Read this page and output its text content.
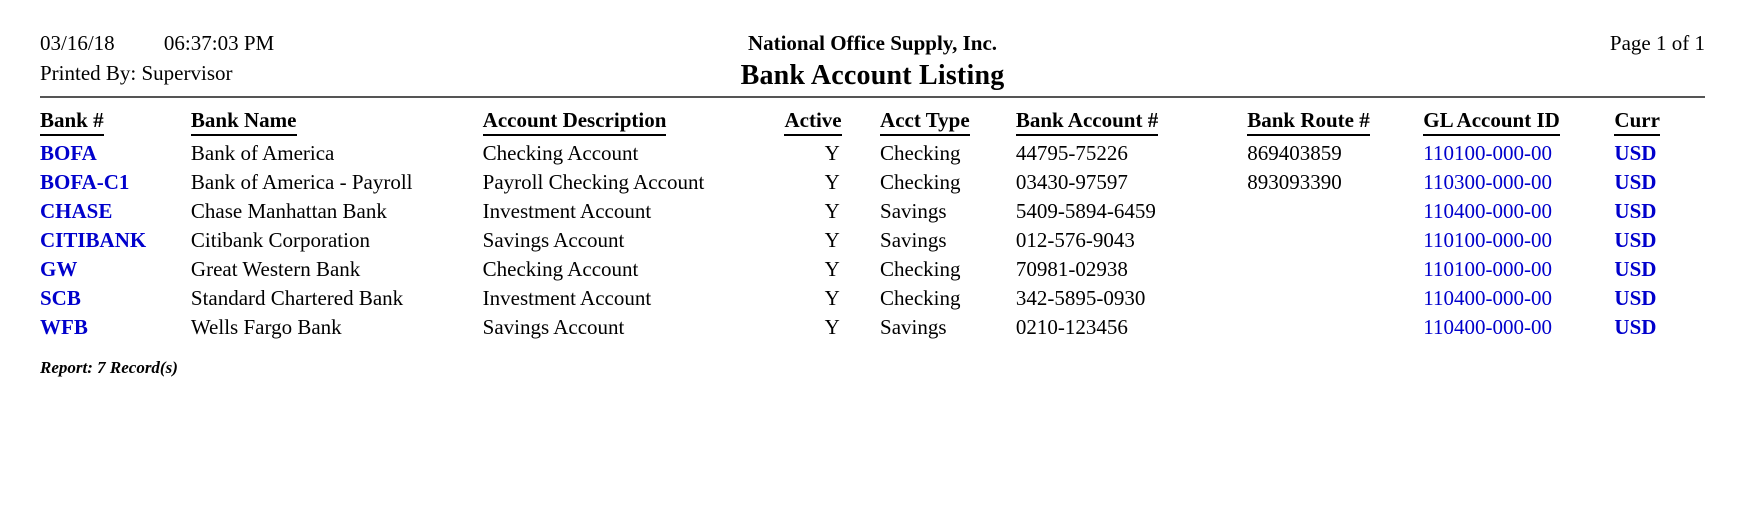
03/16/18 06:37:03 PM
Printed By: Supervisor
National Office Supply, Inc.
Bank Account Listing
Page 1 of 1
Bank #	Bank Name	Account Description	Active	Acct Type	Bank Account #	Bank Route #	GL Account ID	Curr
BOFA	Bank of America	Checking Account	Y	Checking	44795-75226	869403859	110100-000-00	USD
BOFA-C1	Bank of America - Payroll	Payroll Checking Account	Y	Checking	03430-97597	893093390	110300-000-00	USD
CHASE	Chase Manhattan Bank	Investment Account	Y	Savings	5409-5894-6459		110400-000-00	USD
CITIBANK	Citibank Corporation	Savings Account	Y	Savings	012-576-9043		110100-000-00	USD
GW	Great Western Bank	Checking Account	Y	Checking	70981-02938		110100-000-00	USD
SCB	Standard Chartered Bank	Investment Account	Y	Checking	342-5895-0930		110400-000-00	USD
WFB	Wells Fargo Bank	Savings Account	Y	Savings	0210-123456		110400-000-00	USD
Report: 7 Record(s)
